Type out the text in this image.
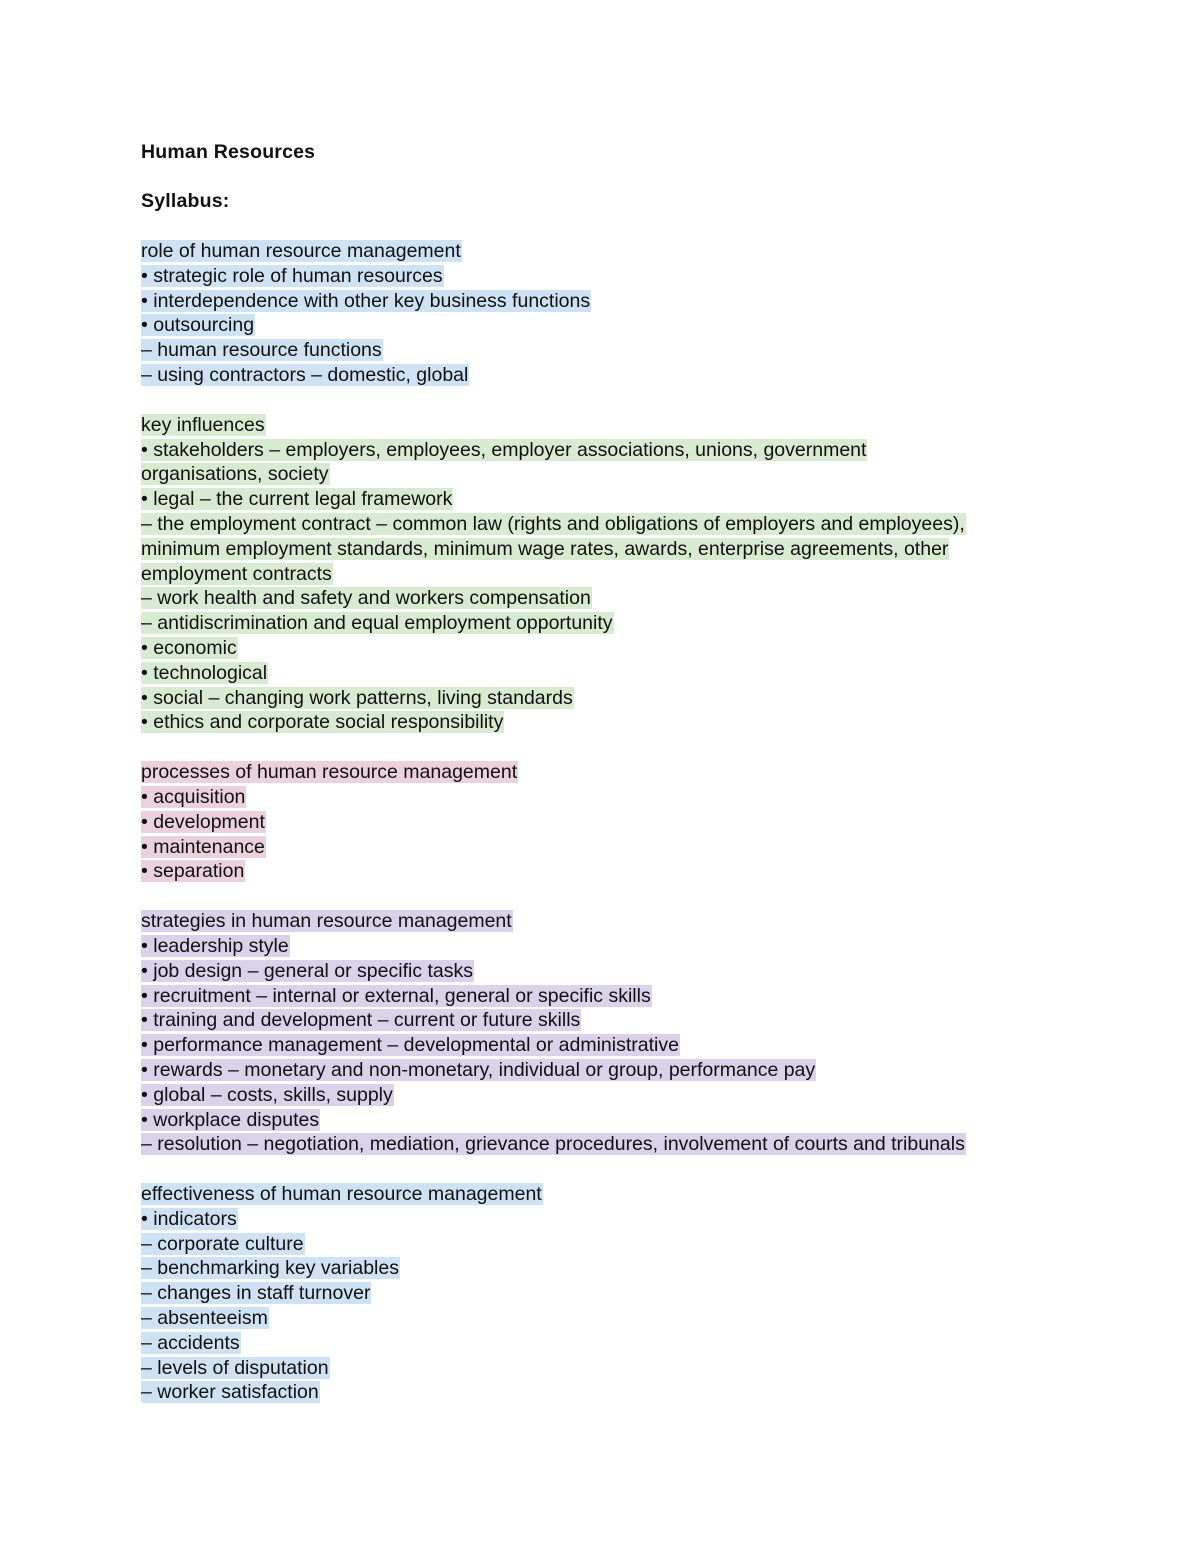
Human Resources
Syllabus:
role of human resource management
• strategic role of human resources
• interdependence with other key business functions
• outsourcing
– human resource functions
– using contractors – domestic, global
key influences
• stakeholders – employers, employees, employer associations, unions, government
organisations, society
• legal – the current legal framework
– the employment contract – common law (rights and obligations of employers and employees),
minimum employment standards, minimum wage rates, awards, enterprise agreements, other
employment contracts
– work health and safety and workers compensation
– antidiscrimination and equal employment opportunity
• economic
• technological
• social – changing work patterns, living standards
• ethics and corporate social responsibility
processes of human resource management
• acquisition
• development
• maintenance
• separation
strategies in human resource management
• leadership style
• job design – general or specific tasks
• recruitment – internal or external, general or specific skills
• training and development – current or future skills
• performance management – developmental or administrative
• rewards – monetary and non-monetary, individual or group, performance pay
• global – costs, skills, supply
• workplace disputes
– resolution – negotiation, mediation, grievance procedures, involvement of courts and tribunals
effectiveness of human resource management
• indicators
– corporate culture
– benchmarking key variables
– changes in staff turnover
– absenteeism
– accidents
– levels of disputation
– worker satisfaction
